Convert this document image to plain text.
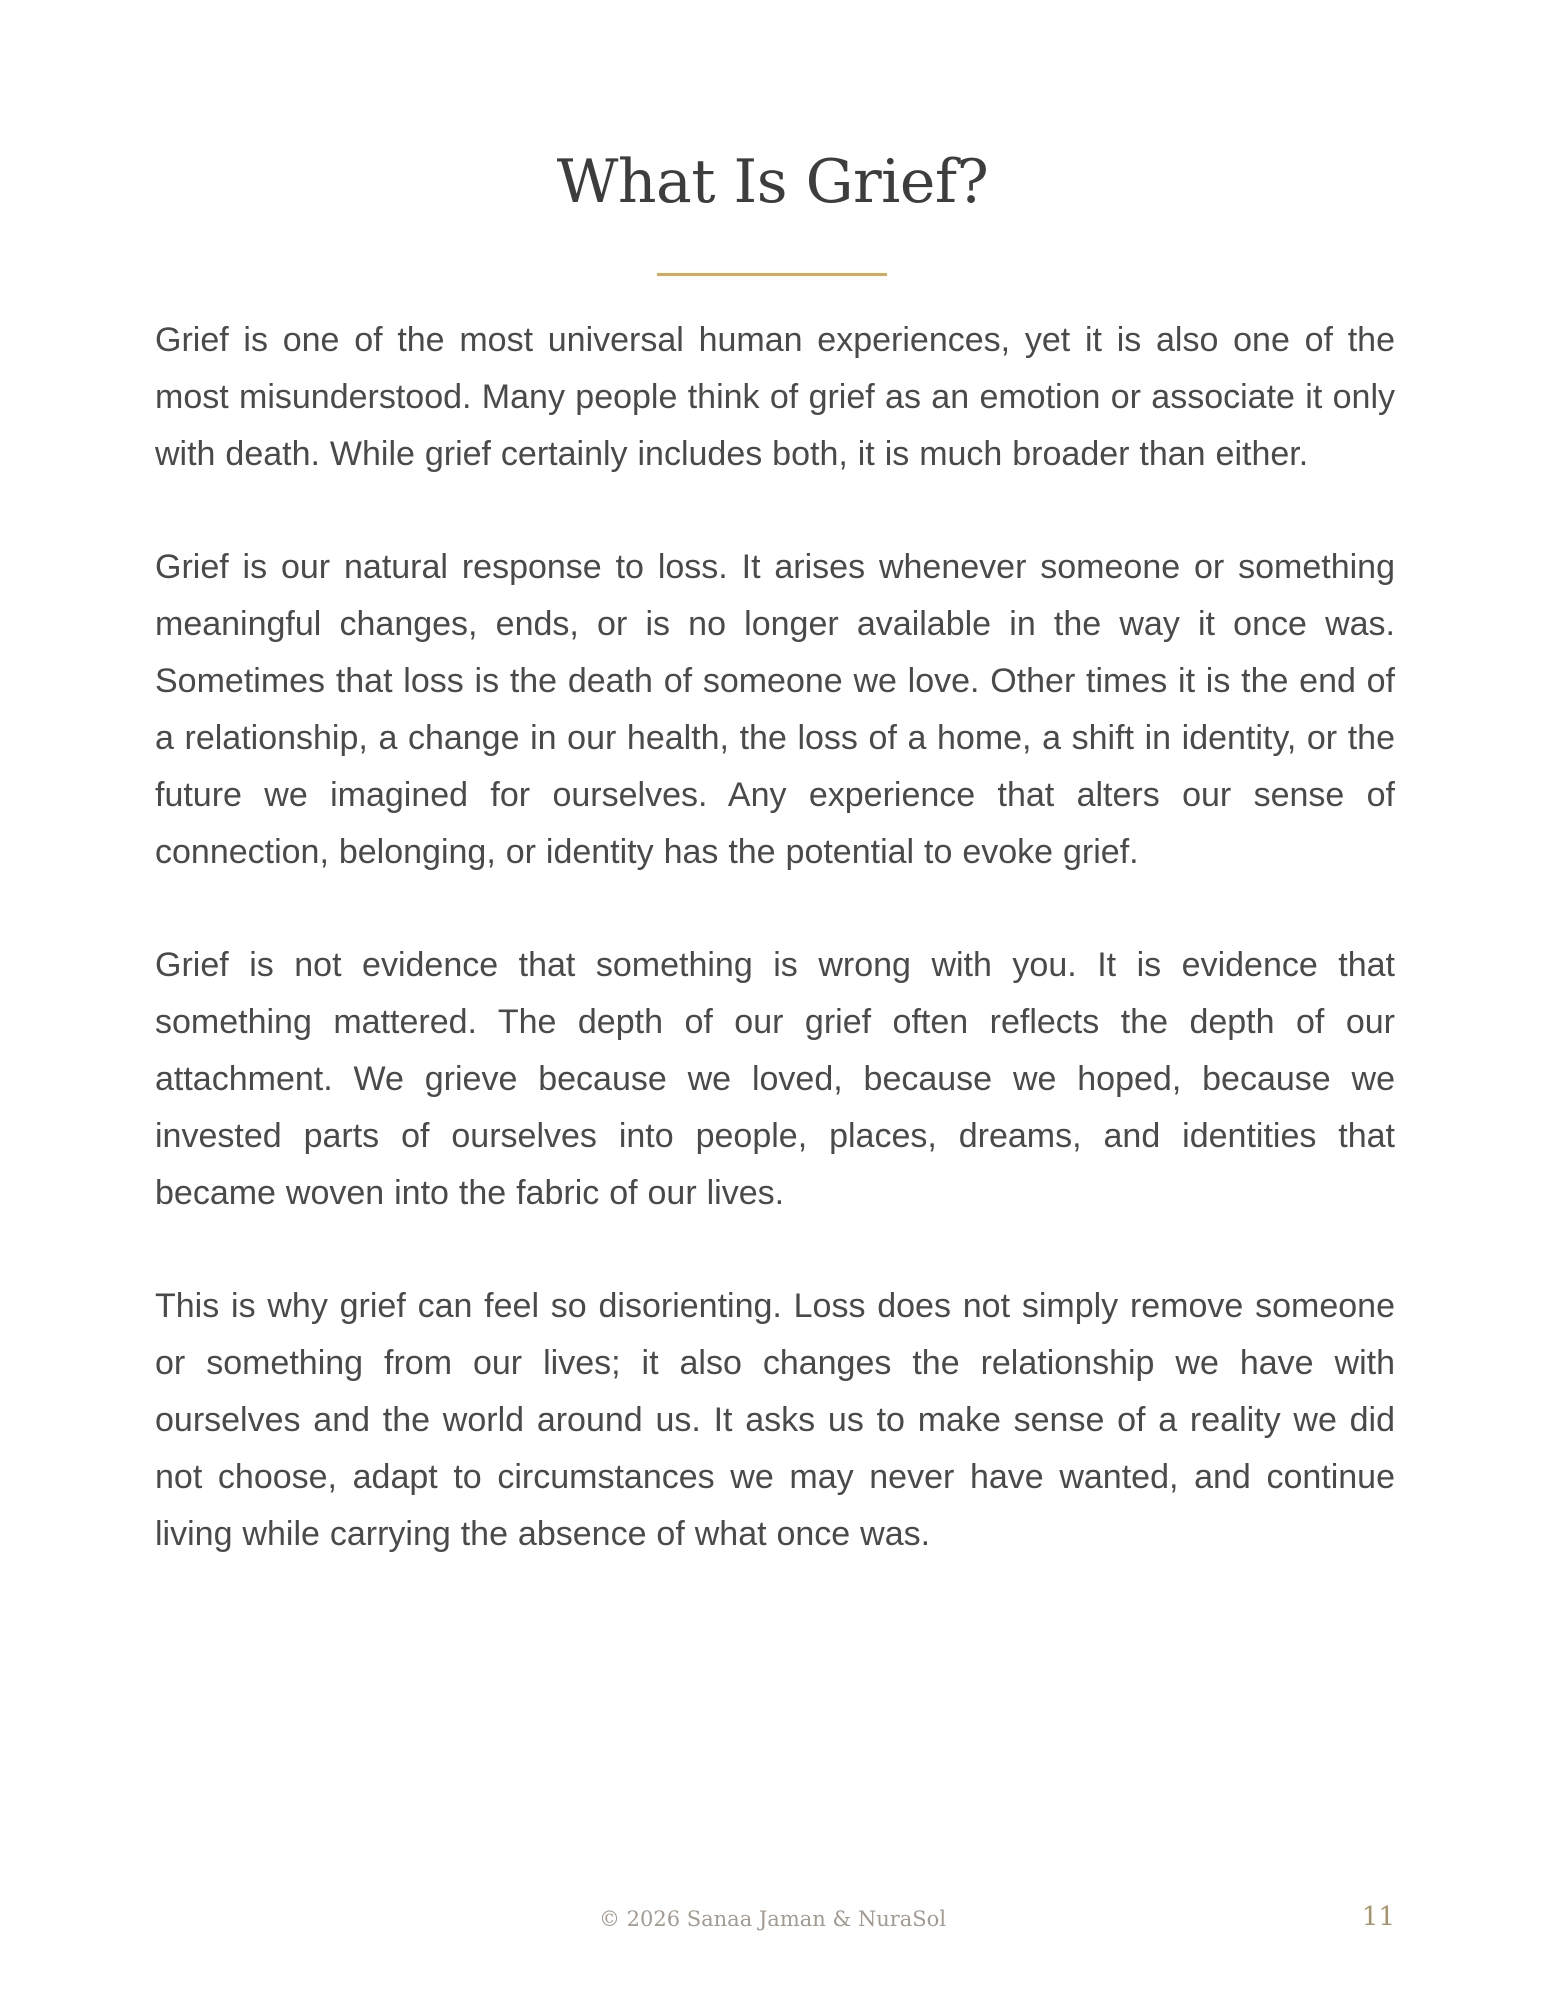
What Is Grief?

Grief is one of the most universal human experiences, yet it is also one of the most misunderstood. Many people think of grief as an emotion or associate it only with death. While grief certainly includes both, it is much broader than either.

Grief is our natural response to loss. It arises whenever someone or something meaningful changes, ends, or is no longer available in the way it once was. Sometimes that loss is the death of someone we love. Other times it is the end of a relationship, a change in our health, the loss of a home, a shift in identity, or the future we imagined for ourselves. Any experience that alters our sense of connection, belonging, or identity has the potential to evoke grief.

Grief is not evidence that something is wrong with you. It is evidence that something mattered. The depth of our grief often reflects the depth of our attachment. We grieve because we loved, because we hoped, because we invested parts of ourselves into people, places, dreams, and identities that became woven into the fabric of our lives.

This is why grief can feel so disorienting. Loss does not simply remove someone or something from our lives; it also changes the relationship we have with ourselves and the world around us. It asks us to make sense of a reality we did not choose, adapt to circumstances we may never have wanted, and continue living while carrying the absence of what once was.

© 2026 Sanaa Jaman & NuraSol	11
